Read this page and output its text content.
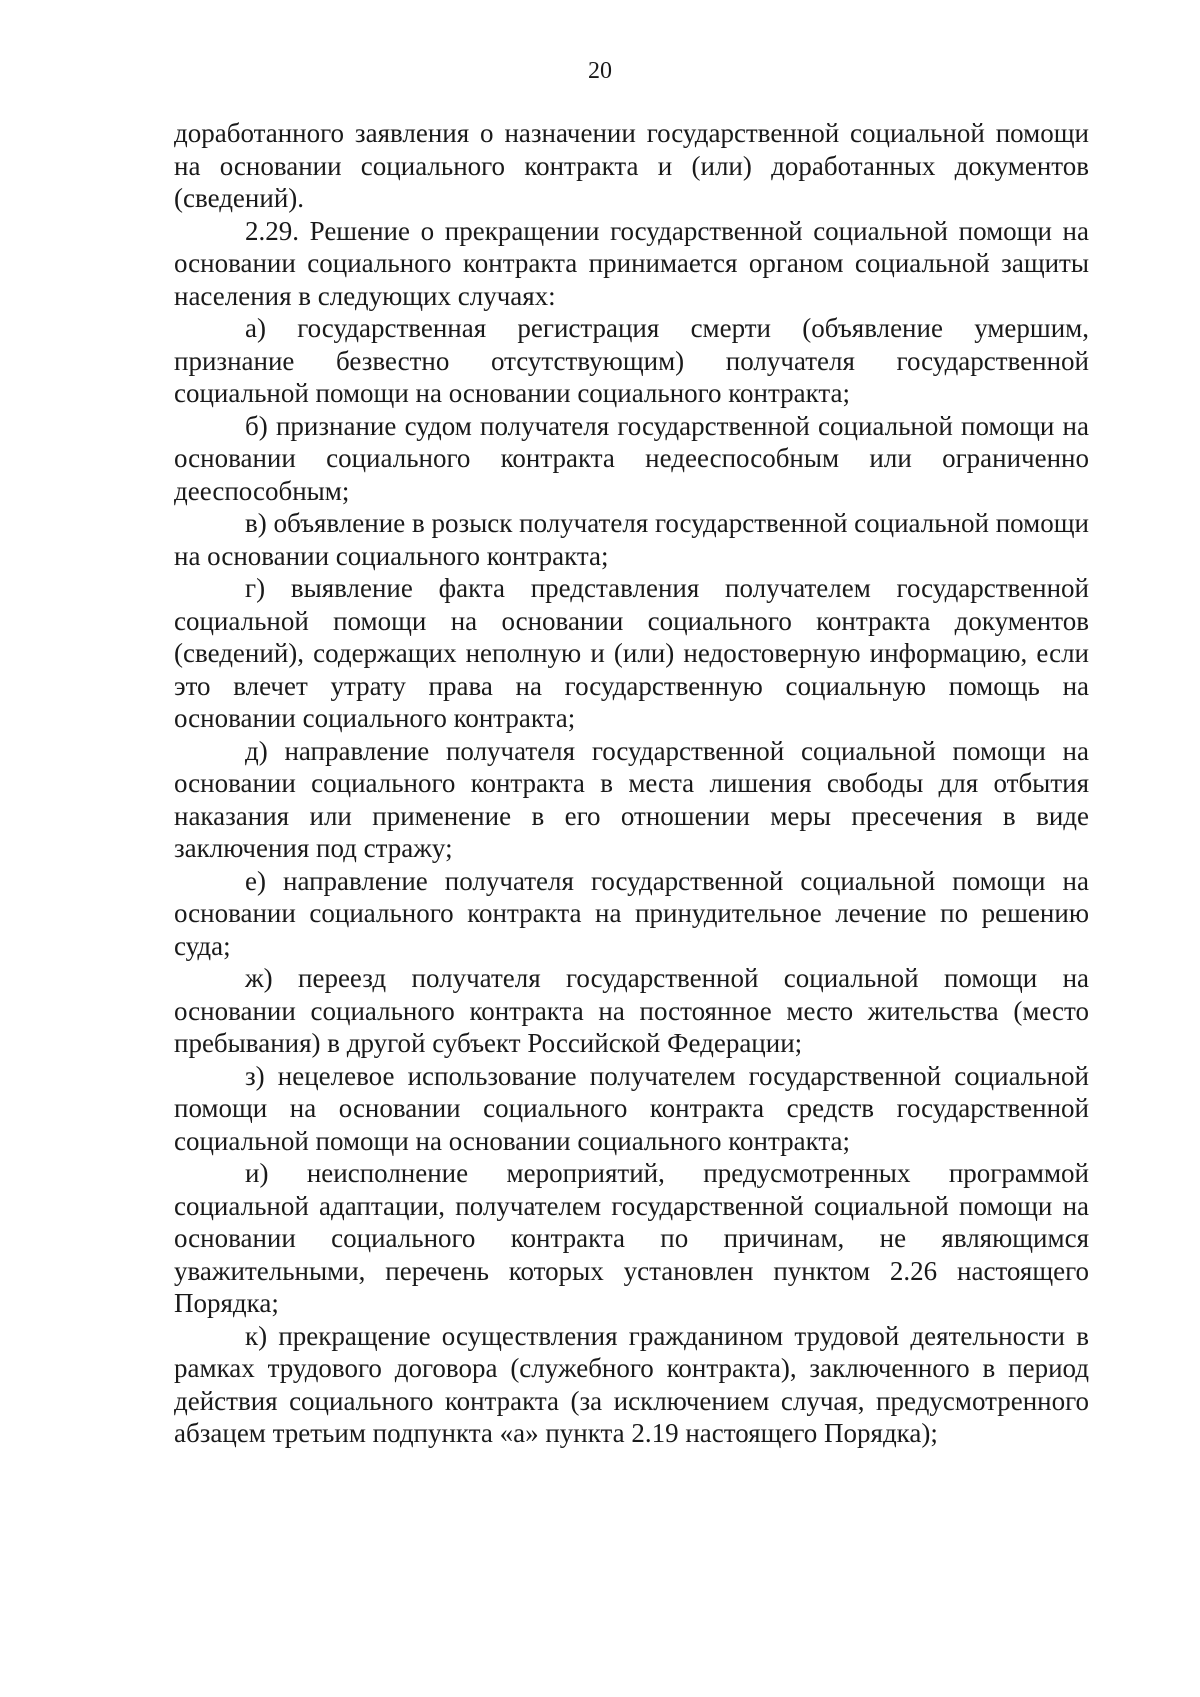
20

доработанного заявления о назначении государственной социальной помощи на основании социального контракта и (или) доработанных документов (сведений).

2.29. Решение о прекращении государственной социальной помощи на основании социального контракта принимается органом социальной защиты населения в следующих случаях:

а) государственная регистрация смерти (объявление умершим, признание безвестно отсутствующим) получателя государственной социальной помощи на основании социального контракта;

б) признание судом получателя государственной социальной помощи на основании социального контракта недееспособным или ограниченно дееспособным;

в) объявление в розыск получателя государственной социальной помощи на основании социального контракта;

г) выявление факта представления получателем государственной социальной помощи на основании социального контракта документов (сведений), содержащих неполную и (или) недостоверную информацию, если это влечет утрату права на государственную социальную помощь на основании социального контракта;

д) направление получателя государственной социальной помощи на основании социального контракта в места лишения свободы для отбытия наказания или применение в его отношении меры пресечения в виде заключения под стражу;

е) направление получателя государственной социальной помощи на основании социального контракта на принудительное лечение по решению суда;

ж) переезд получателя государственной социальной помощи на основании социального контракта на постоянное место жительства (место пребывания) в другой субъект Российской Федерации;

з) нецелевое использование получателем государственной социальной помощи на основании социального контракта средств государственной социальной помощи на основании социального контракта;

и) неисполнение мероприятий, предусмотренных программой социальной адаптации, получателем государственной социальной помощи на основании социального контракта по причинам, не являющимся уважительными, перечень которых установлен пунктом 2.26 настоящего Порядка;

к) прекращение осуществления гражданином трудовой деятельности в рамках трудового договора (служебного контракта), заключенного в период действия социального контракта (за исключением случая, предусмотренного абзацем третьим подпункта «а» пункта 2.19 настоящего Порядка);
